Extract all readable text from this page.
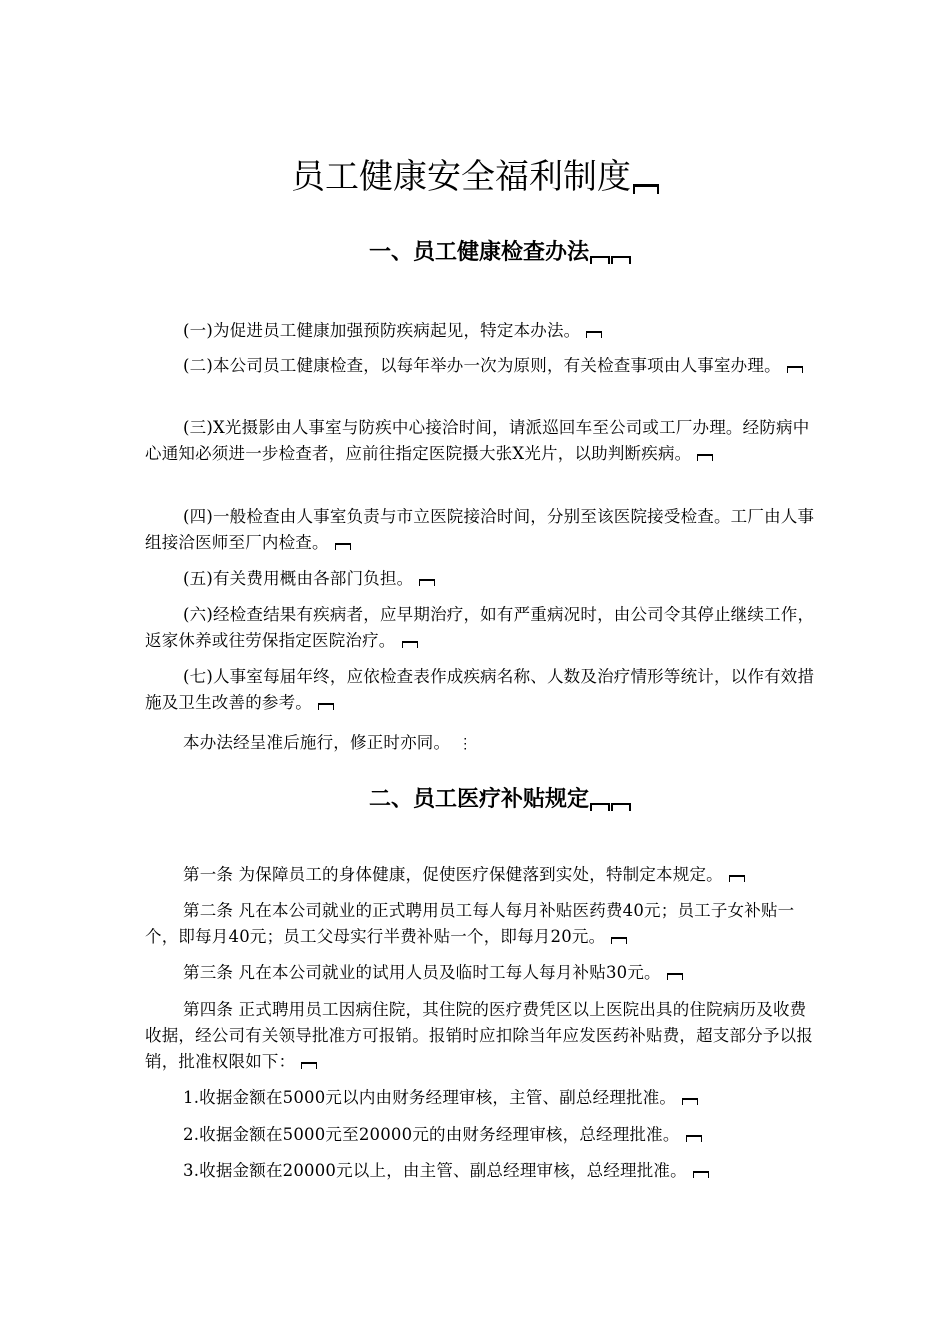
员工健康安全福利制度
一、员工健康检查办法

(一)为促进员工健康加强预防疾病起见，特定本办法。

(二)本公司员工健康检查，以每年举办一次为原则，有关检查事项由人事室办理。

(三)X光摄影由人事室与防疾中心接洽时间，请派巡回车至公司或工厂办理。经防病中心通知必须进一步检查者，应前往指定医院摄大张X光片，以助判断疾病。

(四)一般检查由人事室负责与市立医院接洽时间，分别至该医院接受检查。工厂由人事组接洽医师至厂内检查。

(五)有关费用概由各部门负担。

(六)经检查结果有疾病者，应早期治疗，如有严重病况时，由公司令其停止继续工作，返家休养或往劳保指定医院治疗。

(七)人事室每届年终，应依检查表作成疾病名称、人数及治疗情形等统计，以作有效措施及卫生改善的参考。

本办法经呈准后施行，修正时亦同。 ⋮

二、员工医疗补贴规定

第一条 为保障员工的身体健康，促使医疗保健落到实处，特制定本规定。

第二条 凡在本公司就业的正式聘用员工每人每月补贴医药费40元；员工子女补贴一个，即每月40元；员工父母实行半费补贴一个，即每月20元。

第三条 凡在本公司就业的试用人员及临时工每人每月补贴30元。

第四条 正式聘用员工因病住院，其住院的医疗费凭区以上医院出具的住院病历及收费收据，经公司有关领导批准方可报销。报销时应扣除当年应发医药补贴费，超支部分予以报销，批准权限如下：

1.收据金额在5000元以内由财务经理审核，主管、副总经理批准。

2.收据金额在5000元至20000元的由财务经理审核，总经理批准。

3.收据金额在20000元以上，由主管、副总经理审核，总经理批准。
